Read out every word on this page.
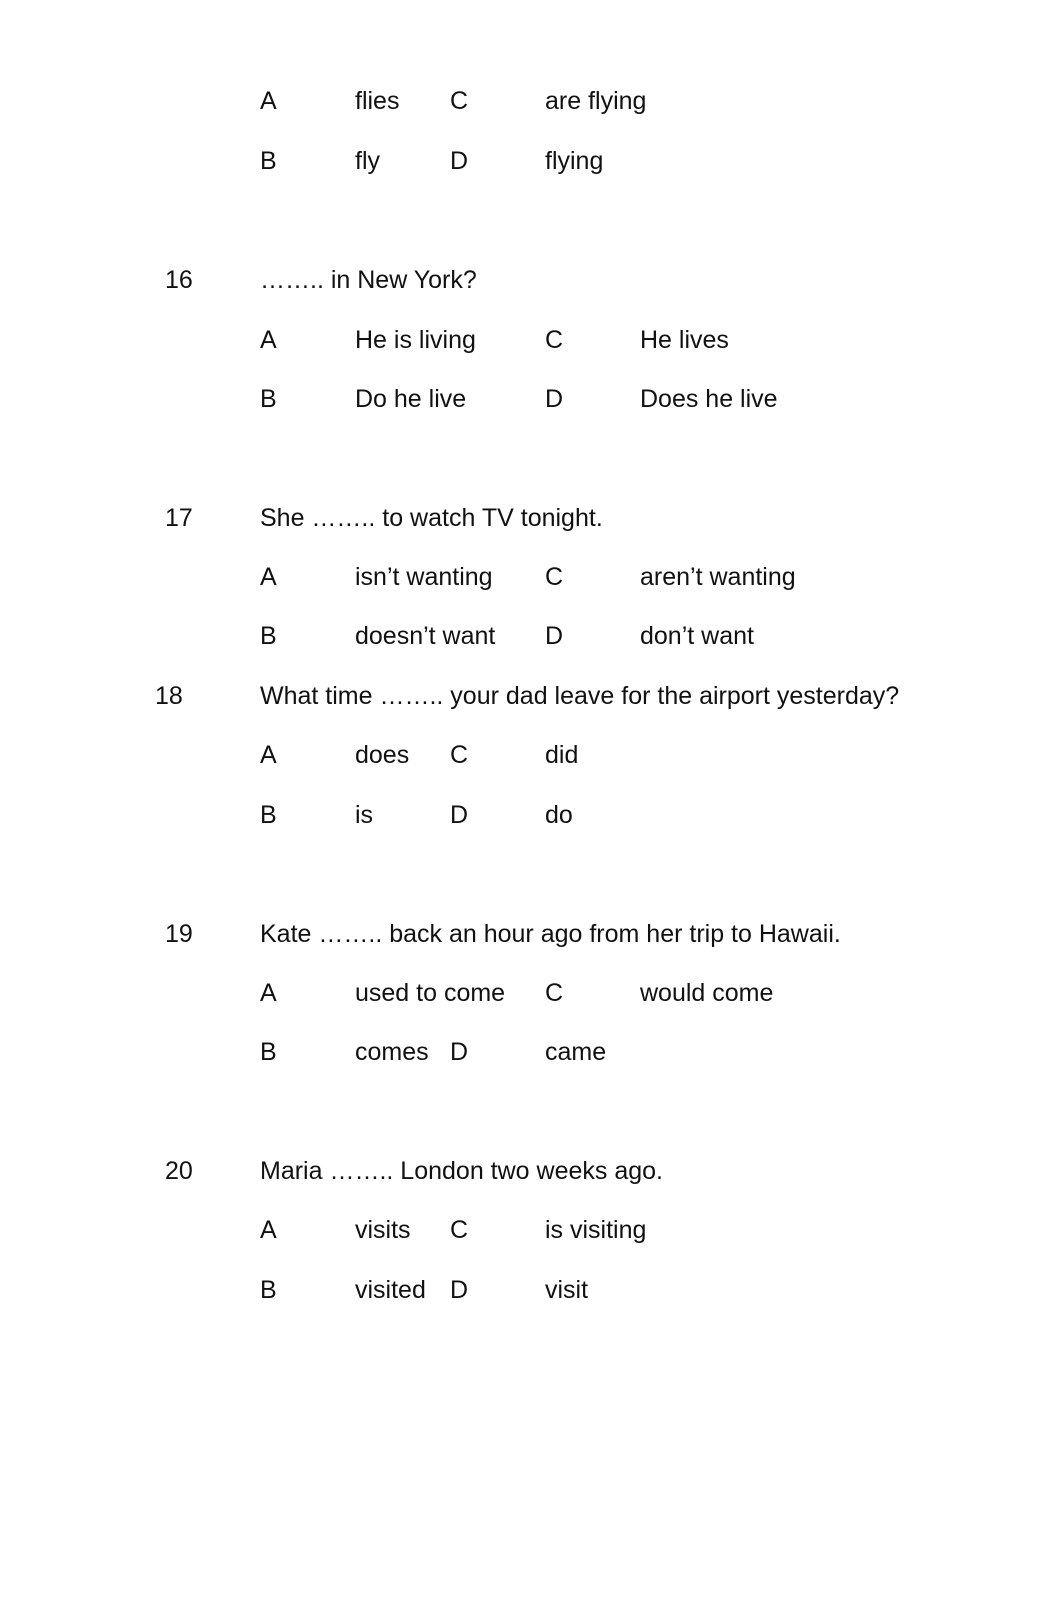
A	flies C	are flying
B	fly	D	flying
16	…….. in New York?
A	He is living	C	He lives
B	Do he live	D	Does he live
17	She …….. to watch TV tonight.
A	isn’t wanting C	aren’t wanting
B	doesn’t want D	don’t want
18	What time …….. your dad leave for the airport yesterday?
A	does C	did
B	is	D	do
19	Kate …….. back an hour ago from her trip to Hawaii.
A	used to come C	would come
B	comes D	came
20	Maria …….. London two weeks ago.
A	visits C	is visiting
B	visited D	visit
